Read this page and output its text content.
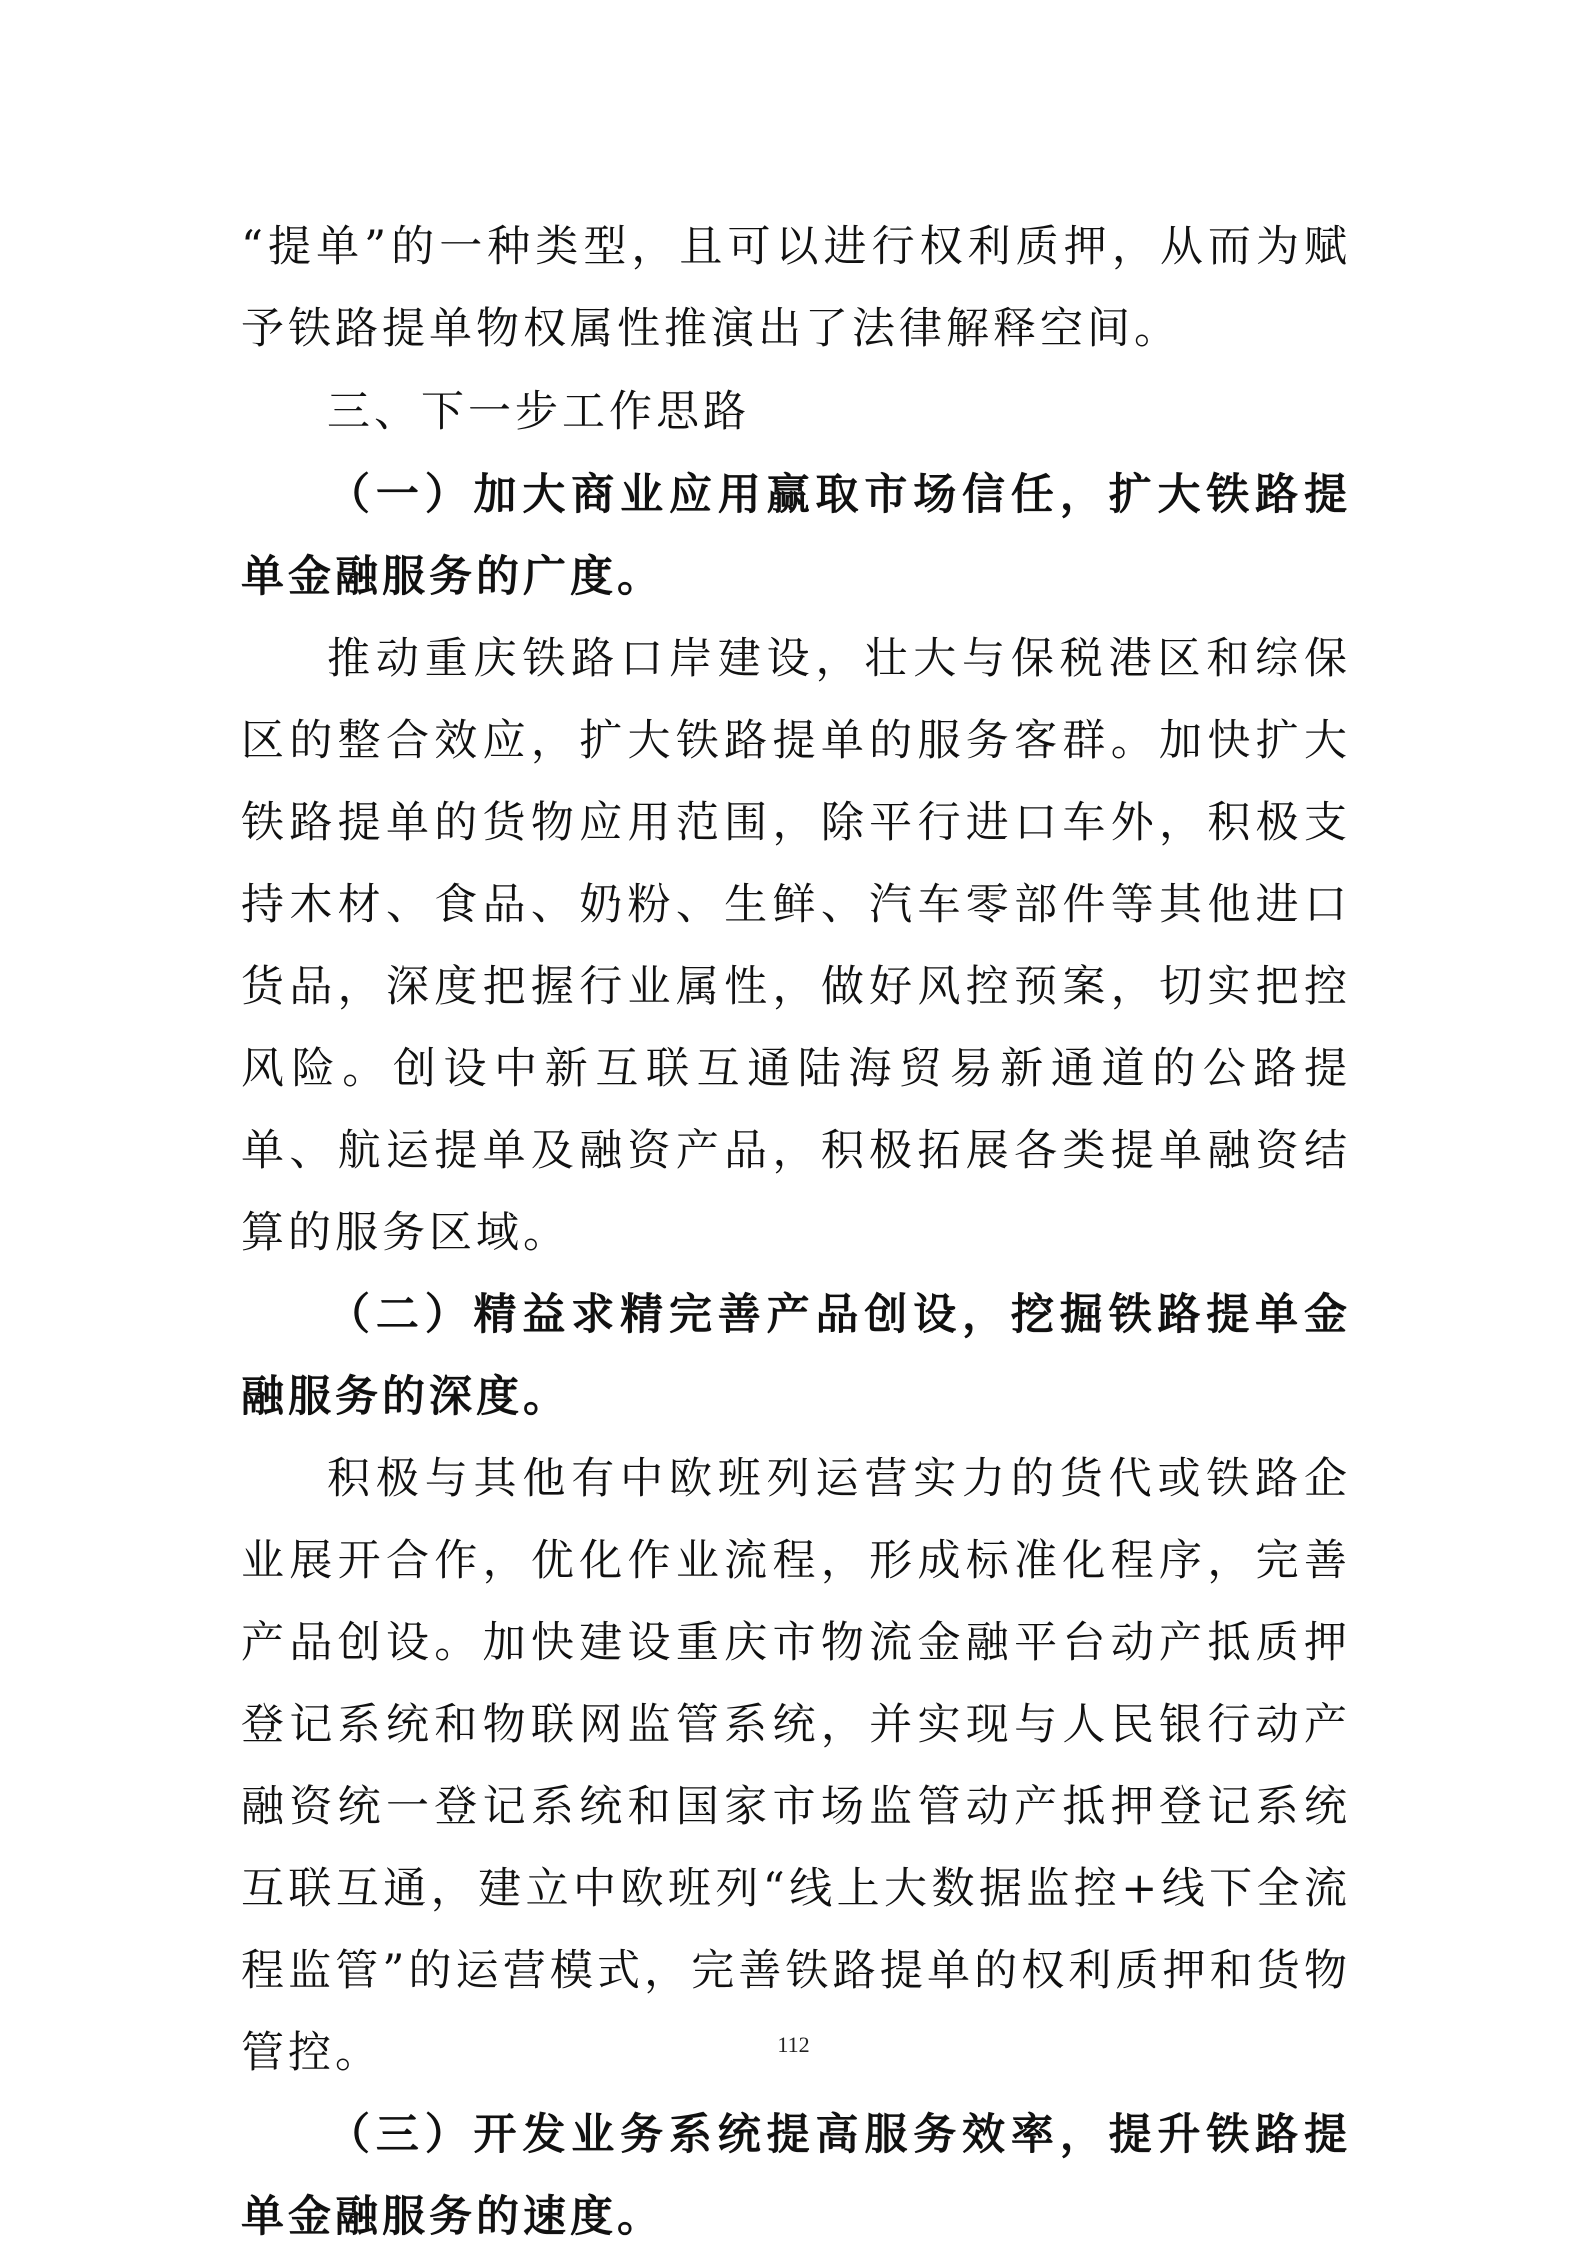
“提单”的一种类型，且可以进行权利质押，从而为赋予铁路提单物权属性推演出了法律解释空间。

三、下一步工作思路

（一）加大商业应用赢取市场信任，扩大铁路提单金融服务的广度。

推动重庆铁路口岸建设，壮大与保税港区和综保区的整合效应，扩大铁路提单的服务客群。加快扩大铁路提单的货物应用范围，除平行进口车外，积极支持木材、食品、奶粉、生鲜、汽车零部件等其他进口货品，深度把握行业属性，做好风控预案，切实把控风险。创设中新互联互通陆海贸易新通道的公路提单、航运提单及融资产品，积极拓展各类提单融资结算的服务区域。

（二）精益求精完善产品创设，挖掘铁路提单金融服务的深度。

积极与其他有中欧班列运营实力的货代或铁路企业展开合作，优化作业流程，形成标准化程序，完善产品创设。加快建设重庆市物流金融平台动产抵质押登记系统和物联网监管系统，并实现与人民银行动产融资统一登记系统和国家市场监管动产抵押登记系统互联互通，建立中欧班列“线上大数据监控+线下全流程监管”的运营模式，完善铁路提单的权利质押和货物管控。

（三）开发业务系统提高服务效率，提升铁路提单金融服务的速度。

112
